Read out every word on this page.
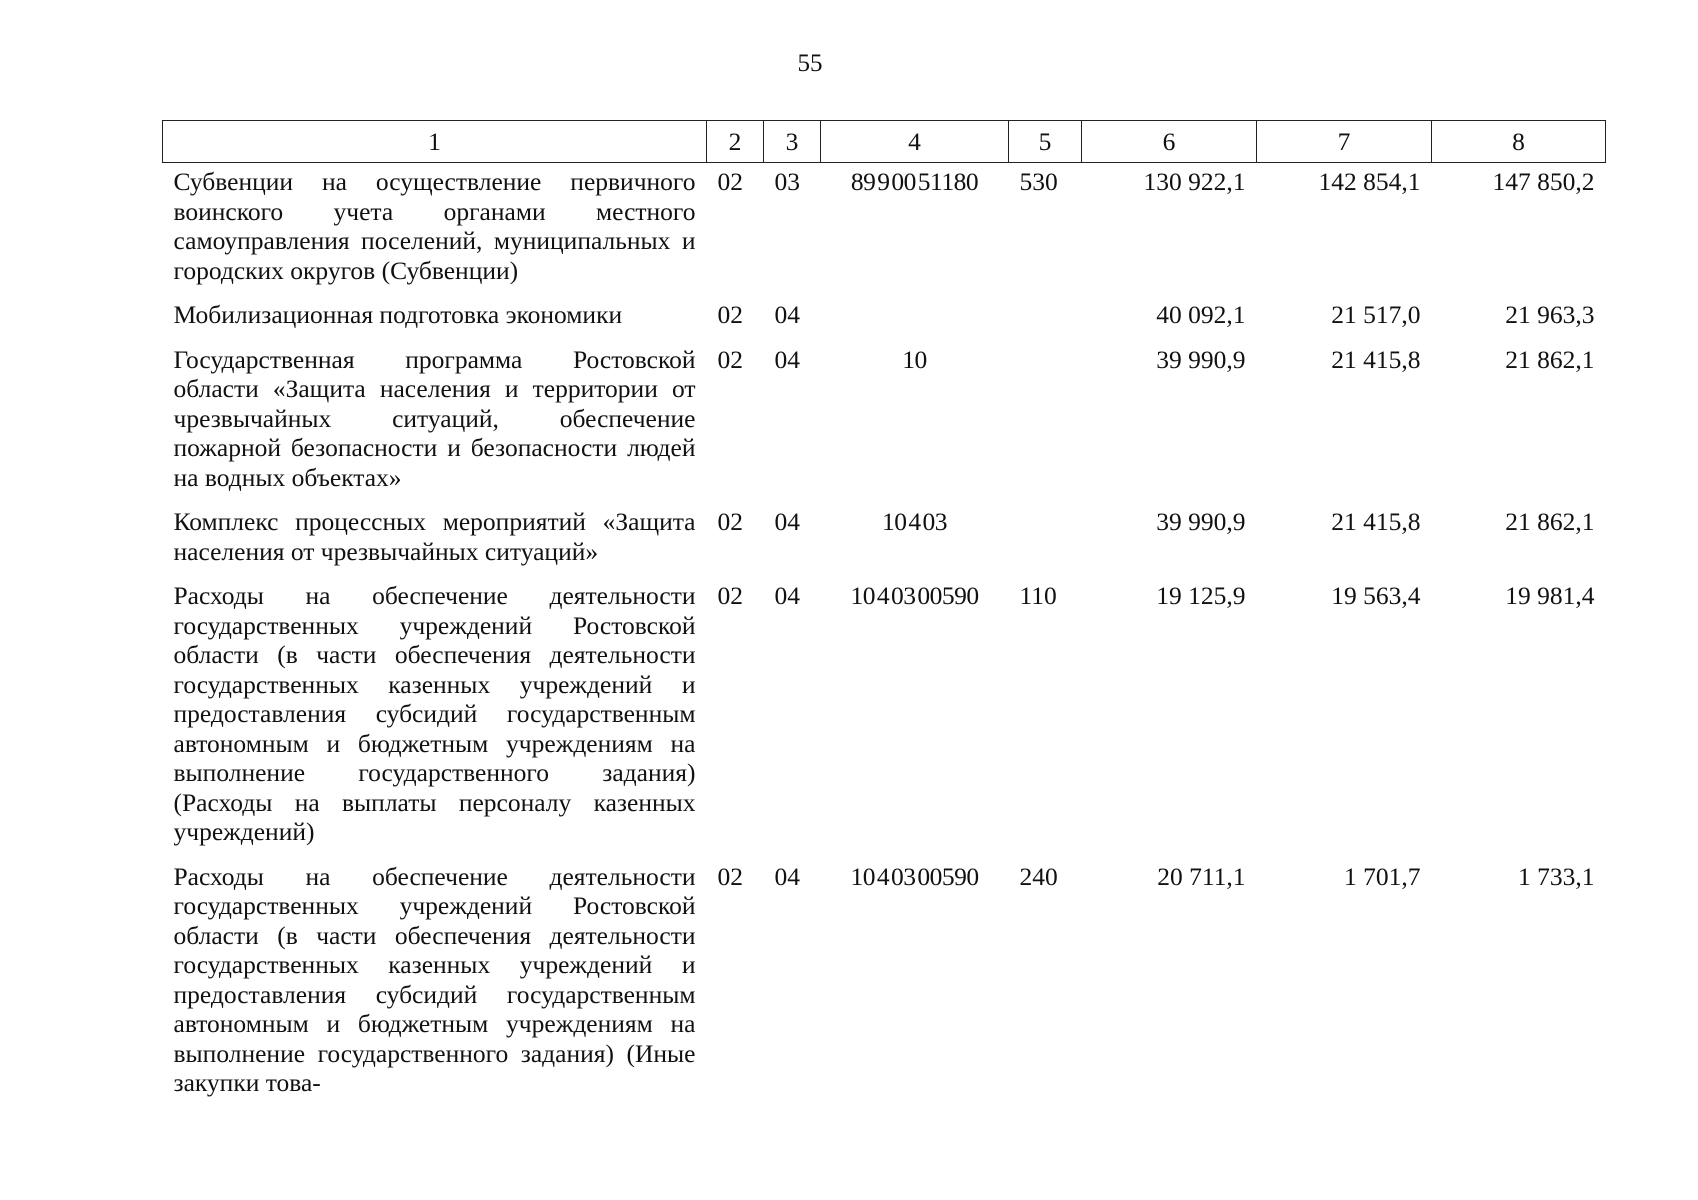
55
1	2	3	4	5	6	7	8
Субвенции на осуществление первичного воинского учета органами местного самоуправления поселений, муниципальных и городских округов (Субвенции)	02	03	89 9 00 51180	530	130 922,1	142 854,1	147 850,2
Мобилизационная подготовка экономики	02	04			40 092,1	21 517,0	21 963,3
Государственная программа Ростовской области «Защита населения и территории от чрезвычайных ситуаций, обеспечение пожарной безопасности и безопасности людей на водных объектах»	02	04	10		39 990,9	21 415,8	21 862,1
Комплекс процессных мероприятий «Защита населения от чрезвычайных ситуаций»	02	04	10 4 03		39 990,9	21 415,8	21 862,1
Расходы на обеспечение деятельности государственных учреждений Ростовской области (в части обеспечения деятельности государственных казенных учреждений и предоставления субсидий государственным автономным и бюджетным учреждениям на выполнение государственного задания) (Расходы на выплаты персоналу казенных учреждений)	02	04	10 4 03 00590	110	19 125,9	19 563,4	19 981,4
Расходы на обеспечение деятельности государственных учреждений Ростовской области (в части обеспечения деятельности государственных казенных учреждений и предоставления субсидий государственным автономным и бюджетным учреждениям на выполнение государственного задания) (Иные закупки това-	02	04	10 4 03 00590	240	20 711,1	1 701,7	1 733,1
